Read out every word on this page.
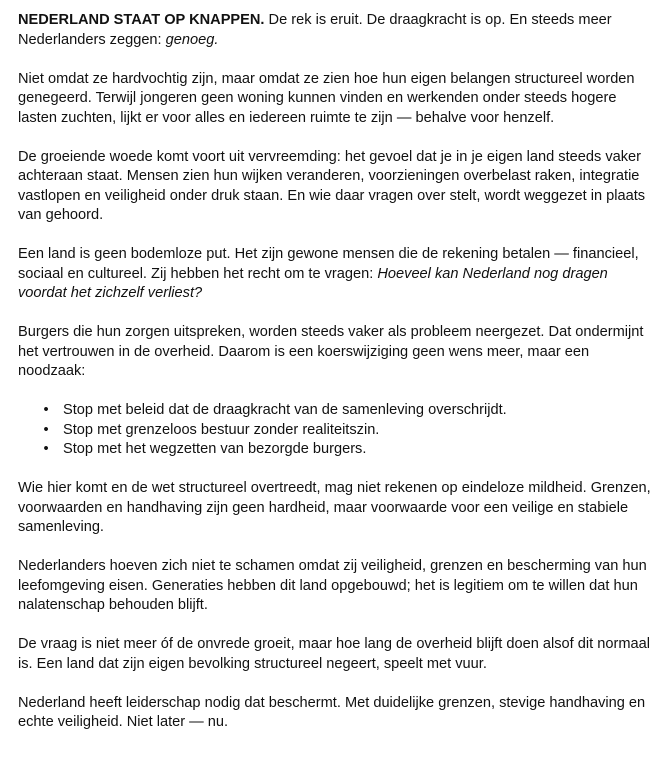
NEDERLAND STAAT OP KNAPPEN. De rek is eruit. De draagkracht is op. En steeds meer Nederlanders zeggen: genoeg.

Niet omdat ze hardvochtig zijn, maar omdat ze zien hoe hun eigen belangen structureel worden genegeerd. Terwijl jongeren geen woning kunnen vinden en werkenden onder steeds hogere lasten zuchten, lijkt er voor alles en iedereen ruimte te zijn — behalve voor henzelf.

De groeiende woede komt voort uit vervreemding: het gevoel dat je in je eigen land steeds vaker achteraan staat. Mensen zien hun wijken veranderen, voorzieningen overbelast raken, integratie vastlopen en veiligheid onder druk staan. En wie daar vragen over stelt, wordt weggezet in plaats van gehoord.

Een land is geen bodemloze put. Het zijn gewone mensen die de rekening betalen — financieel, sociaal en cultureel. Zij hebben het recht om te vragen: Hoeveel kan Nederland nog dragen voordat het zichzelf verliest?

Burgers die hun zorgen uitspreken, worden steeds vaker als probleem neergezet. Dat ondermijnt het vertrouwen in de overheid. Daarom is een koerswijziging geen wens meer, maar een noodzaak:

• Stop met beleid dat de draagkracht van de samenleving overschrijdt.
• Stop met grenzeloos bestuur zonder realiteitszin.
• Stop met het wegzetten van bezorgde burgers.

Wie hier komt en de wet structureel overtreedt, mag niet rekenen op eindeloze mildheid. Grenzen, voorwaarden en handhaving zijn geen hardheid, maar voorwaarde voor een veilige en stabiele samenleving.

Nederlanders hoeven zich niet te schamen omdat zij veiligheid, grenzen en bescherming van hun leefomgeving eisen. Generaties hebben dit land opgebouwd; het is legitiem om te willen dat hun nalatenschap behouden blijft.

De vraag is niet meer óf de onvrede groeit, maar hoe lang de overheid blijft doen alsof dit normaal is. Een land dat zijn eigen bevolking structureel negeert, speelt met vuur.

Nederland heeft leiderschap nodig dat beschermt. Met duidelijke grenzen, stevige handhaving en echte veiligheid. Niet later — nu.
